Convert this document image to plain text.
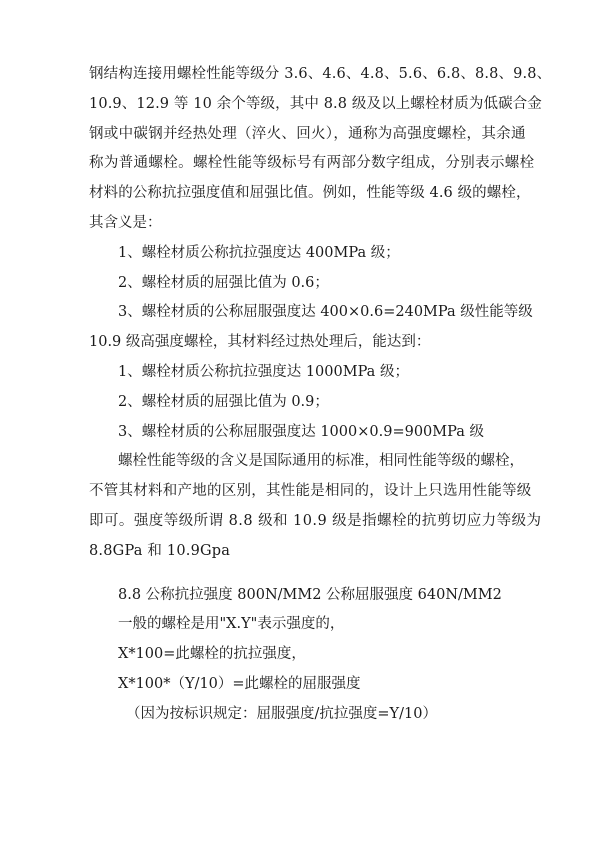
钢结构连接用螺栓性能等级分 3.6、4.6、4.8、5.6、6.8、8.8、9.8、

10.9、12.9 等 10 余个等级，其中 8.8 级及以上螺栓材质为低碳合金

钢或中碳钢并经热处理（淬火、回火），通称为高强度螺栓，其余通

称为普通螺栓。螺栓性能等级标号有两部分数字组成，分别表示螺栓

材料的公称抗拉强度值和屈强比值。例如，性能等级 4.6 级的螺栓，

其含义是：

1、螺栓材质公称抗拉强度达 400MPa 级；

2、螺栓材质的屈强比值为 0.6；

3、螺栓材质的公称屈服强度达 400×0.6=240MPa 级性能等级

10.9 级高强度螺栓，其材料经过热处理后，能达到：

1、螺栓材质公称抗拉强度达 1000MPa 级；

2、螺栓材质的屈强比值为 0.9；

3、螺栓材质的公称屈服强度达 1000×0.9=900MPa 级

螺栓性能等级的含义是国际通用的标准，相同性能等级的螺栓，

不管其材料和产地的区别，其性能是相同的，设计上只选用性能等级

即可。强度等级所谓 8.8 级和 10.9 级是指螺栓的抗剪切应力等级为

8.8GPa 和 10.9Gpa

8.8 公称抗拉强度 800N/MM2 公称屈服强度 640N/MM2

一般的螺栓是用"X.Y"表示强度的，

X*100=此螺栓的抗拉强度，

X*100*（Y/10）=此螺栓的屈服强度

（因为按标识规定：屈服强度/抗拉强度=Y/10）
